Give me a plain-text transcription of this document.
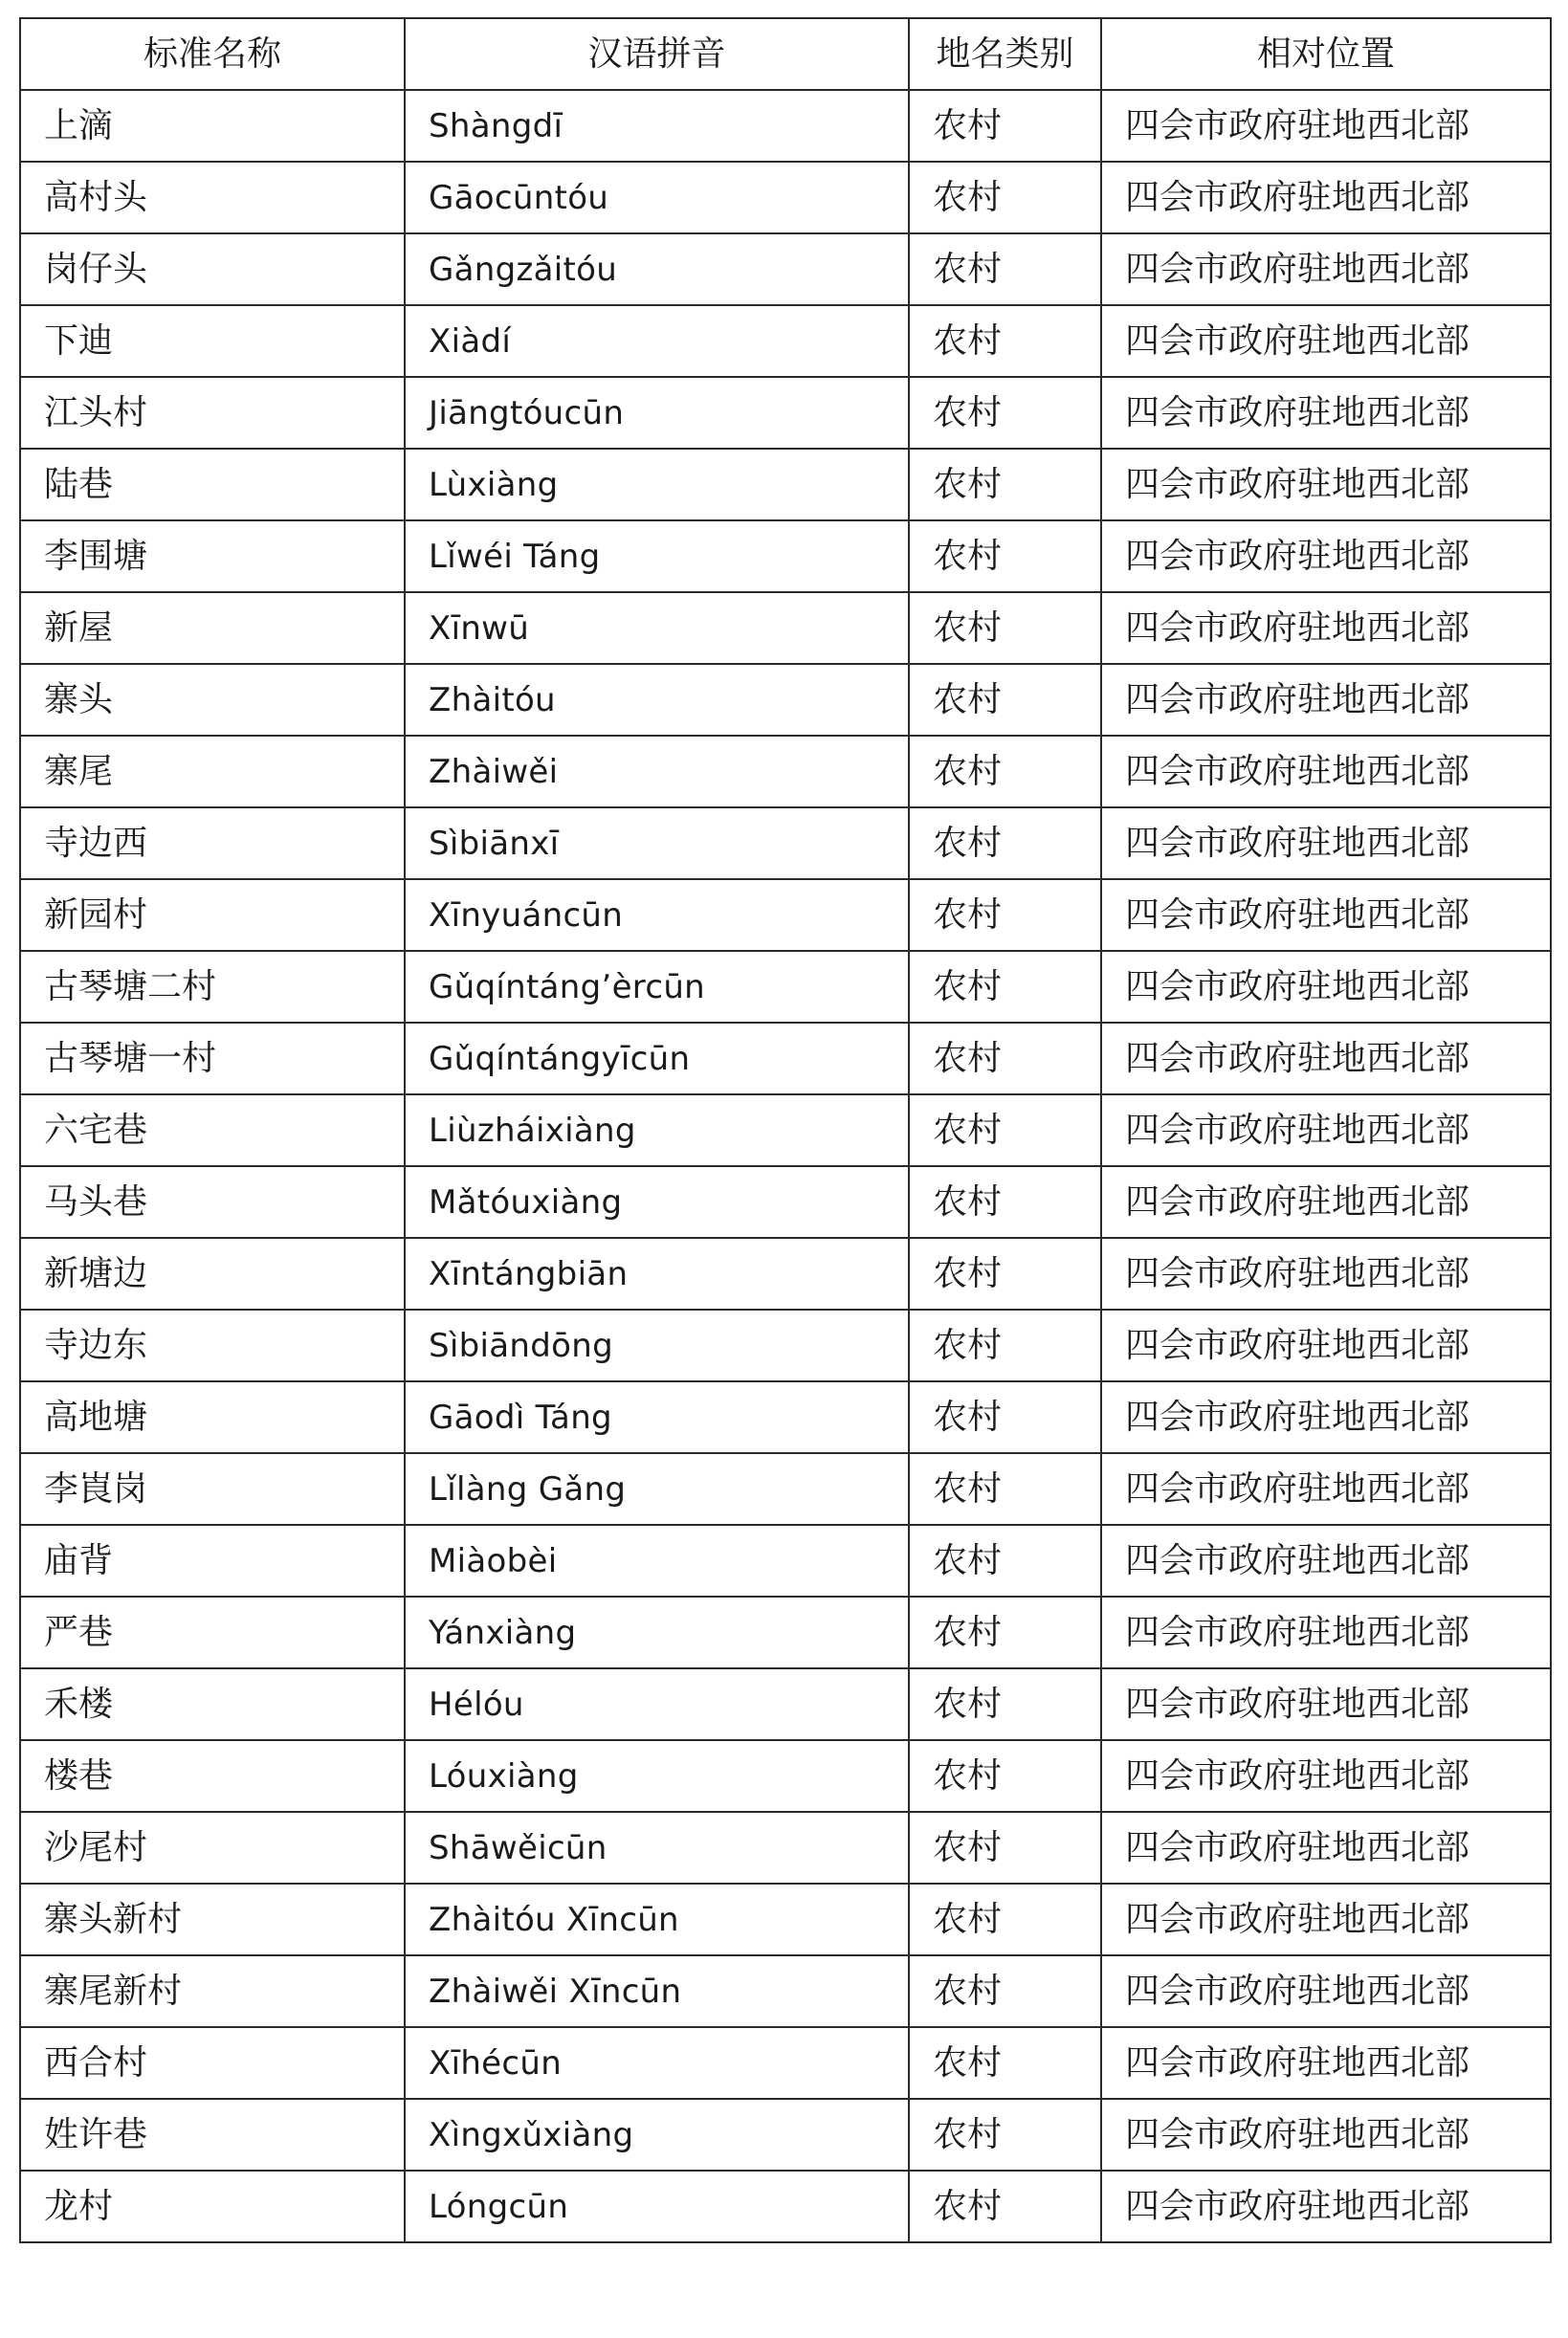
标准名称	汉语拼音	地名类别	相对位置
上滴	Shàngdī	农村	四会市政府驻地西北部
高村头	Gāocūntóu	农村	四会市政府驻地西北部
岗仔头	Gǎngzǎitóu	农村	四会市政府驻地西北部
下迪	Xiàdí	农村	四会市政府驻地西北部
江头村	Jiāngtóucūn	农村	四会市政府驻地西北部
陆巷	Lùxiàng	农村	四会市政府驻地西北部
李围塘	Lǐwéi Táng	农村	四会市政府驻地西北部
新屋	Xīnwū	农村	四会市政府驻地西北部
寨头	Zhàitóu	农村	四会市政府驻地西北部
寨尾	Zhàiwěi	农村	四会市政府驻地西北部
寺边西	Sìbiānxī	农村	四会市政府驻地西北部
新园村	Xīnyuáncūn	农村	四会市政府驻地西北部
古琴塘二村	Gǔqíntáng’èrcūn	农村	四会市政府驻地西北部
古琴塘一村	Gǔqíntángyīcūn	农村	四会市政府驻地西北部
六宅巷	Liùzháixiàng	农村	四会市政府驻地西北部
马头巷	Mǎtóuxiàng	农村	四会市政府驻地西北部
新塘边	Xīntángbiān	农村	四会市政府驻地西北部
寺边东	Sìbiāndōng	农村	四会市政府驻地西北部
高地塘	Gāodì Táng	农村	四会市政府驻地西北部
李崀岗	Lǐlàng Gǎng	农村	四会市政府驻地西北部
庙背	Miàobèi	农村	四会市政府驻地西北部
严巷	Yánxiàng	农村	四会市政府驻地西北部
禾楼	Hélóu	农村	四会市政府驻地西北部
楼巷	Lóuxiàng	农村	四会市政府驻地西北部
沙尾村	Shāwěicūn	农村	四会市政府驻地西北部
寨头新村	Zhàitóu Xīncūn	农村	四会市政府驻地西北部
寨尾新村	Zhàiwěi Xīncūn	农村	四会市政府驻地西北部
西合村	Xīhécūn	农村	四会市政府驻地西北部
姓许巷	Xìngxǔxiàng	农村	四会市政府驻地西北部
龙村	Lóngcūn	农村	四会市政府驻地西北部
